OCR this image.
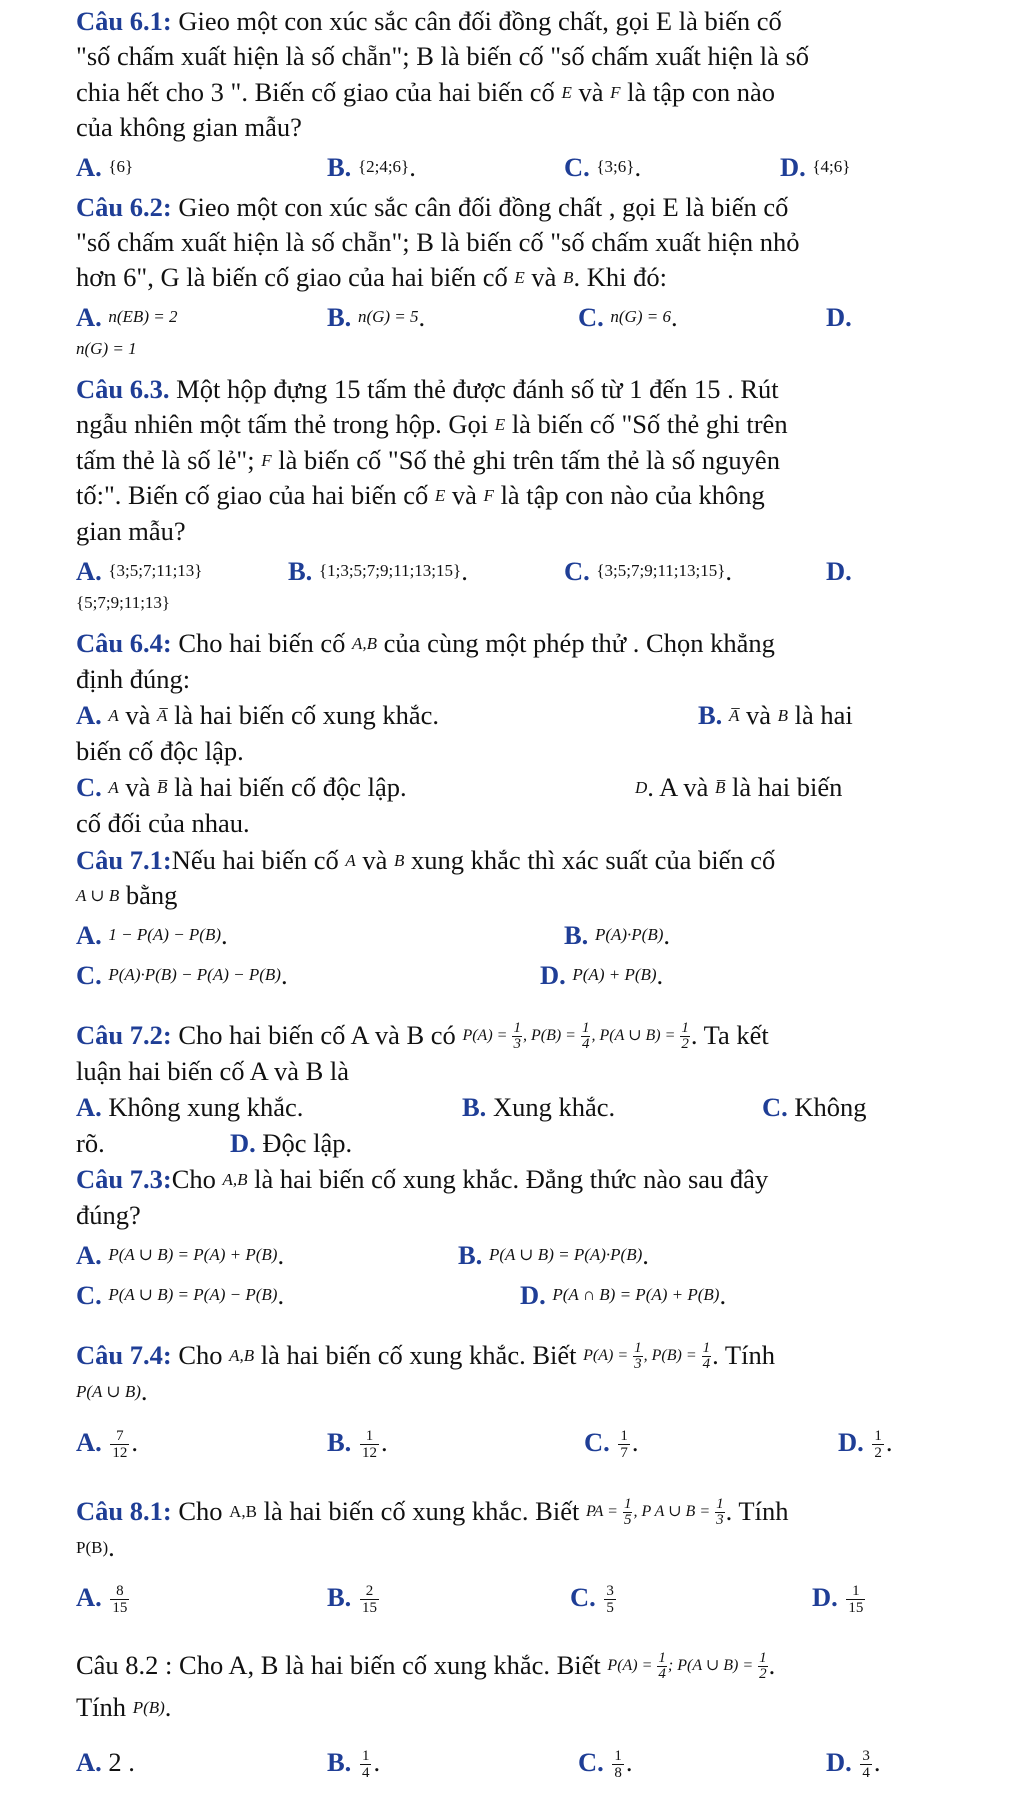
Câu 6.1: Gieo một con xúc sắc cân đối đồng chất, gọi E là biến cố
"số chấm xuất hiện là số chẵn"; B là biến cố "số chấm xuất hiện là số
chia hết cho 3 ". Biến cố giao của hai biến cố E và F là tập con nào
của không gian mẫu?
A. {6}	B. {2;4;6}.	C. {3;6}.	D. {4;6}
Câu 6.2: Gieo một con xúc sắc cân đối đồng chất , gọi E là biến cố
"số chấm xuất hiện là số chẵn"; B là biến cố "số chấm xuất hiện nhỏ
hơn 6", G là biến cố giao của hai biến cố E và B. Khi đó:
A. n(EB) = 2	B. n(G) = 5.	C. n(G) = 6.	D.
n(G) = 1
Câu 6.3. Một hộp đựng 15 tấm thẻ được đánh số từ 1 đến 15 . Rút
ngẫu nhiên một tấm thẻ trong hộp. Gọi E là biến cố "Số thẻ ghi trên
tấm thẻ là số lẻ"; F là biến cố "Số thẻ ghi trên tấm thẻ là số nguyên
tố:". Biến cố giao của hai biến cố E và F là tập con nào của không
gian mẫu?
A. {3;5;7;11;13}	B. {1;3;5;7;9;11;13;15}.	C. {3;5;7;9;11;13;15}.	D.
{5;7;9;11;13}
Câu 6.4: Cho hai biến cố A,B của cùng một phép thử . Chọn khẳng
định đúng:
A. A và A̅ là hai biến cố xung khắc.	B. A̅ và B là hai
biến cố độc lập.
C. A và B̅ là hai biến cố độc lập.	D. A và B̅ là hai biến
cố đối của nhau.
Câu 7.1:Nếu hai biến cố A và B xung khắc thì xác suất của biến cố
A ∪ B bằng
A. 1 − P(A) − P(B).	B. P(A)·P(B).
C. P(A)·P(B) − P(A) − P(B).	D. P(A) + P(B).
Câu 7.2: Cho hai biến cố A và B có $P(A) = \frac{1}{3}$ , $P(B) = \frac{1}{4}$ , P(A ∪ $B) = \frac{1}{2}$ . Ta kết
luận hai biến cố A và B là
A. Không xung khắc.	B. Xung khắc.	C. Không
rõ.	D. Độc lập.
Câu 7.3:Cho A,B là hai biến cố xung khắc. Đẳng thức nào sau đây
đúng?
A. P(A ∪ B) = P(A) + P(B).	B. P(A ∪ B) = P(A)·P(B).
C. P(A ∪ B) = P(A) − P(B).	D. P(A ∩ B) = P(A) + P(B).
Câu 7.4: Cho A,B là hai biến cố xung khắc. Biết $P(A) = \frac{1}{3}$ , $P(B) = \frac{1}{4}$ . Tính
P(A ∪ B).
A. $\frac{7}{12}$ .	B. $\frac{1}{12}$ .	C. $\frac{1}{7}$ .	D. $\frac{1}{2}$ .
Câu 8.1: Cho A,B là hai biến cố xung khắc. Biết PA = $\frac{1}{5}$ , P A ∪ $B = \frac{1}{3}$ . Tính
P(B).
A. $\frac{8}{15}$	B. $\frac{2}{15}$	C. $\frac{3}{5}$	D. $\frac{1}{15}$
Câu 8.2 : Cho A, B là hai biến cố xung khắc. Biết $P(A) = \frac{1}{4}$ ; P(A ∪ $B) = \frac{1}{2}$ .
Tính P(B).
A. 2 .	B. $\frac{1}{4}$ .	C. $\frac{1}{8}$ .	D. $\frac{3}{4}$ .
